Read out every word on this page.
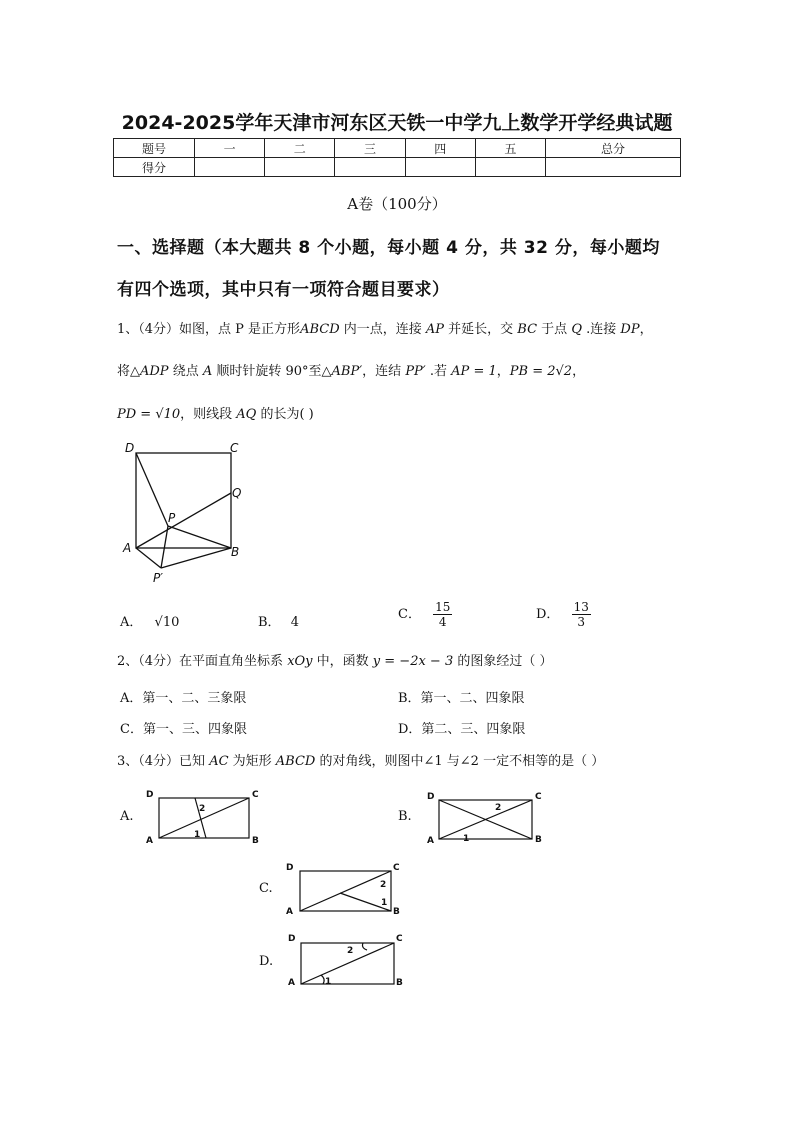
2024-2025学年天津市河东区天铁一中学九上数学开学经典试题
题号	一	二	三	四	五	总分
得分						
A卷（100分）
一、选择题（本大题共 8 个小题，每小题 4 分，共 32 分，每小题均
有四个选项，其中只有一项符合题目要求）
1、（4分）如图，点 P 是正方形ABCD 内一点，连接 AP 并延长，交 BC 于点 Q .连接 DP，
将△ADP 绕点 A 顺时针旋转 90°至△ABP′，连结 PP′ .若 AP = 1，PB = 2√2，
PD = √10，则线段 AQ 的长为( )
D	C
Q
P
A	B
P′
A． √10	B． 4
C． $\frac{15}{4}$	D． $\frac{13}{3}$
2、（4分）在平面直角坐标系 xOy 中，函数 y = −2x − 3 的图象经过（ ）
A．第一、二、三象限	B．第一、二、四象限
C．第一、三、四象限	D．第二、三、四象限
3、（4分）已知 AC 为矩形 ABCD 的对角线，则图中∠1 与∠2 一定不相等的是（ ）
A.
D	C
A	B
2
1
B.
D	C
A	B
2
1
C.
D	C
A	B
2
1
D.
D	C
A	B
2
1
